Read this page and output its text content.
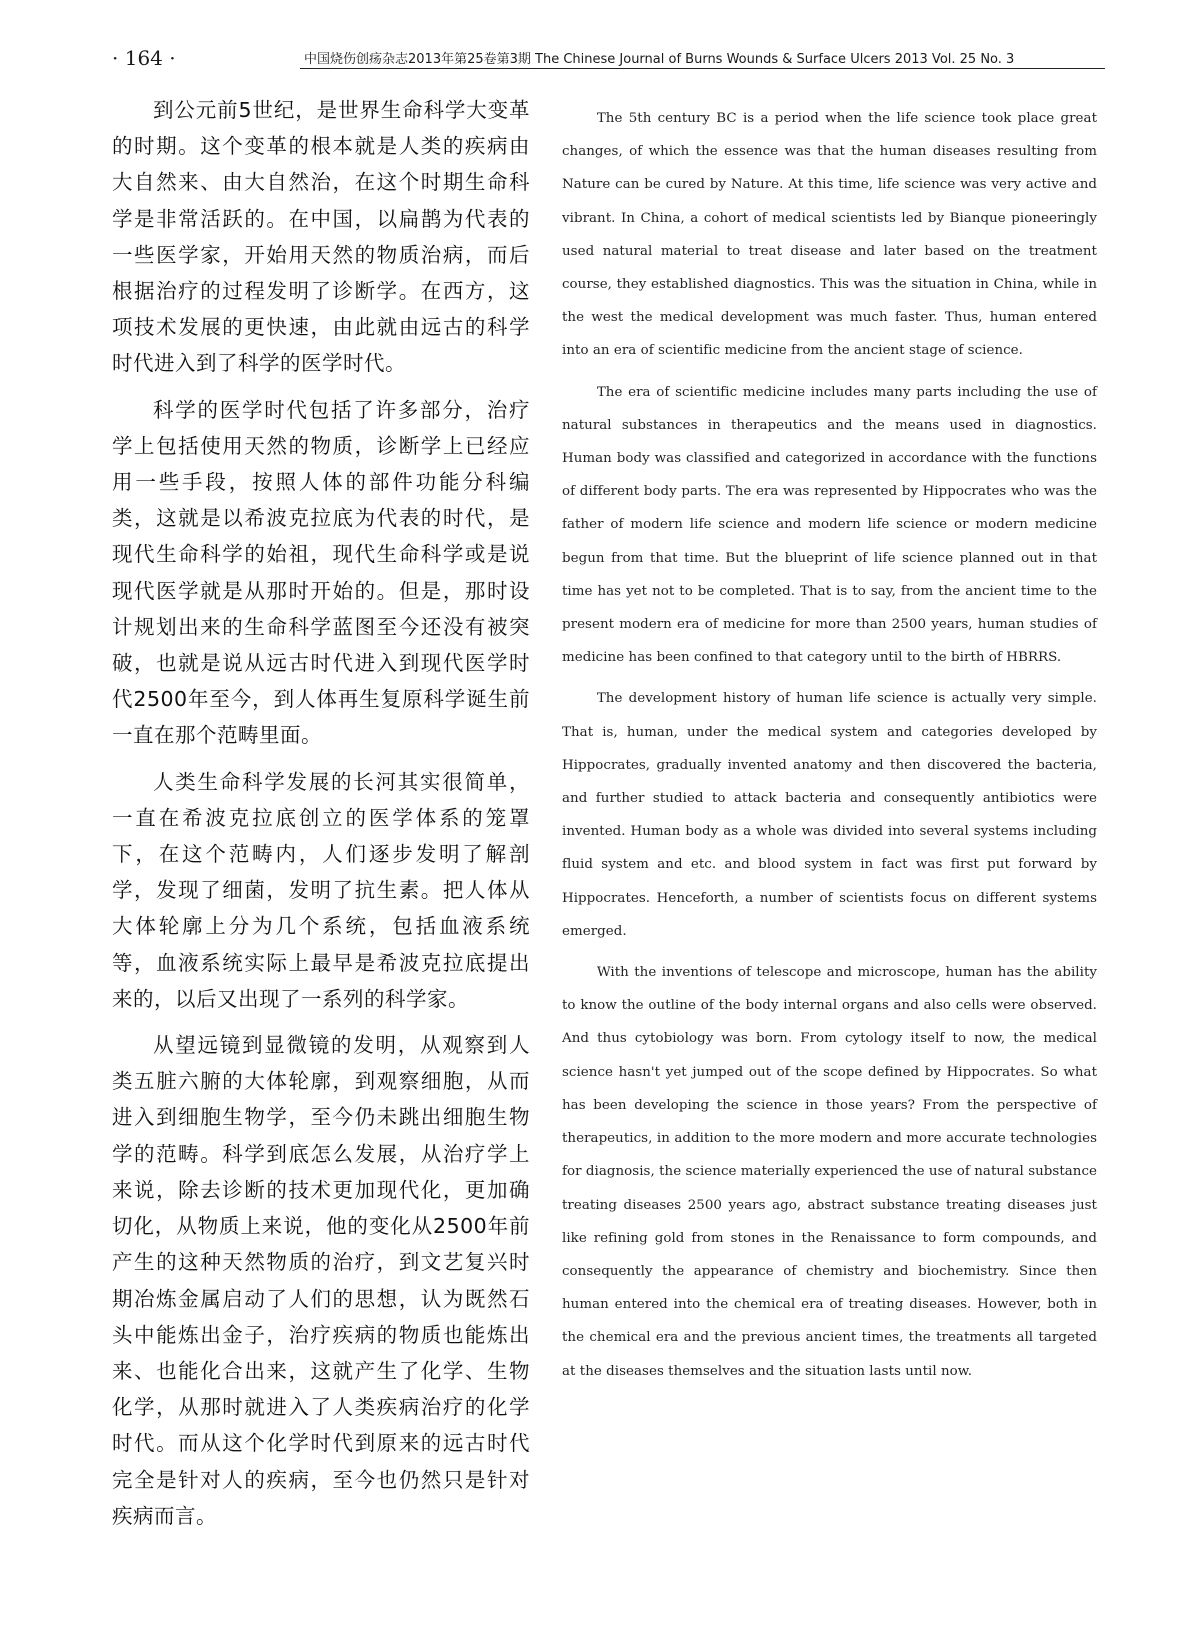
· 164 ·	中国烧伤创疡杂志2013年第25卷第3期 The Chinese Journal of Burns Wounds & Surface Ulcers 2013 Vol. 25 No. 3

到公元前5世纪，是世界生命科学大变革的时期。这个变革的根本就是人类的疾病由大自然来、由大自然治，在这个时期生命科学是非常活跃的。在中国，以扁鹊为代表的一些医学家，开始用天然的物质治病，而后根据治疗的过程发明了诊断学。在西方，这项技术发展的更快速，由此就由远古的科学时代进入到了科学的医学时代。

科学的医学时代包括了许多部分，治疗学上包括使用天然的物质，诊断学上已经应用一些手段，按照人体的部件功能分科编类，这就是以希波克拉底为代表的时代，是现代生命科学的始祖，现代生命科学或是说现代医学就是从那时开始的。但是，那时设计规划出来的生命科学蓝图至今还没有被突破，也就是说从远古时代进入到现代医学时代2500年至今，到人体再生复原科学诞生前一直在那个范畴里面。

人类生命科学发展的长河其实很简单，一直在希波克拉底创立的医学体系的笼罩下，在这个范畴内，人们逐步发明了解剖学，发现了细菌，发明了抗生素。把人体从大体轮廓上分为几个系统，包括血液系统等，血液系统实际上最早是希波克拉底提出来的，以后又出现了一系列的科学家。

从望远镜到显微镜的发明，从观察到人类五脏六腑的大体轮廓，到观察细胞，从而进入到细胞生物学，至今仍未跳出细胞生物学的范畴。科学到底怎么发展，从治疗学上来说，除去诊断的技术更加现代化，更加确切化，从物质上来说，他的变化从2500年前产生的这种天然物质的治疗，到文艺复兴时期冶炼金属启动了人们的思想，认为既然石头中能炼出金子，治疗疾病的物质也能炼出来、也能化合出来，这就产生了化学、生物化学，从那时就进入了人类疾病治疗的化学时代。而从这个化学时代到原来的远古时代完全是针对人的疾病，至今也仍然只是针对疾病而言。

The 5th century BC is a period when the life science took place great changes, of which the essence was that the human diseases resulting from Nature can be cured by Nature. At this time, life science was very active and vibrant. In China, a cohort of medical scientists led by Bianque pioneeringly used natural material to treat disease and later based on the treatment course, they established diagnostics. This was the situation in China, while in the west the medical development was much faster. Thus, human entered into an era of scientific medicine from the ancient stage of science.

The era of scientific medicine includes many parts including the use of natural substances in therapeutics and the means used in diagnostics. Human body was classified and categorized in accordance with the functions of different body parts. The era was represented by Hippocrates who was the father of modern life science and modern life science or modern medicine begun from that time. But the blueprint of life science planned out in that time has yet not to be completed. That is to say, from the ancient time to the present modern era of medicine for more than 2500 years, human studies of medicine has been confined to that category until to the birth of HBRRS.

The development history of human life science is actually very simple. That is, human, under the medical system and categories developed by Hippocrates, gradually invented anatomy and then discovered the bacteria, and further studied to attack bacteria and consequently antibiotics were invented. Human body as a whole was divided into several systems including fluid system and etc. and blood system in fact was first put forward by Hippocrates. Henceforth, a number of scientists focus on different systems emerged.

With the inventions of telescope and microscope, human has the ability to know the outline of the body internal organs and also cells were observed. And thus cytobiology was born. From cytology itself to now, the medical science hasn't yet jumped out of the scope defined by Hippocrates. So what has been developing the science in those years? From the perspective of therapeutics, in addition to the more modern and more accurate technologies for diagnosis, the science materially experienced the use of natural substance treating diseases 2500 years ago, abstract substance treating diseases just like refining gold from stones in the Renaissance to form compounds, and consequently the appearance of chemistry and biochemistry. Since then human entered into the chemical era of treating diseases. However, both in the chemical era and the previous ancient times, the treatments all targeted at the diseases themselves and the situation lasts until now.
